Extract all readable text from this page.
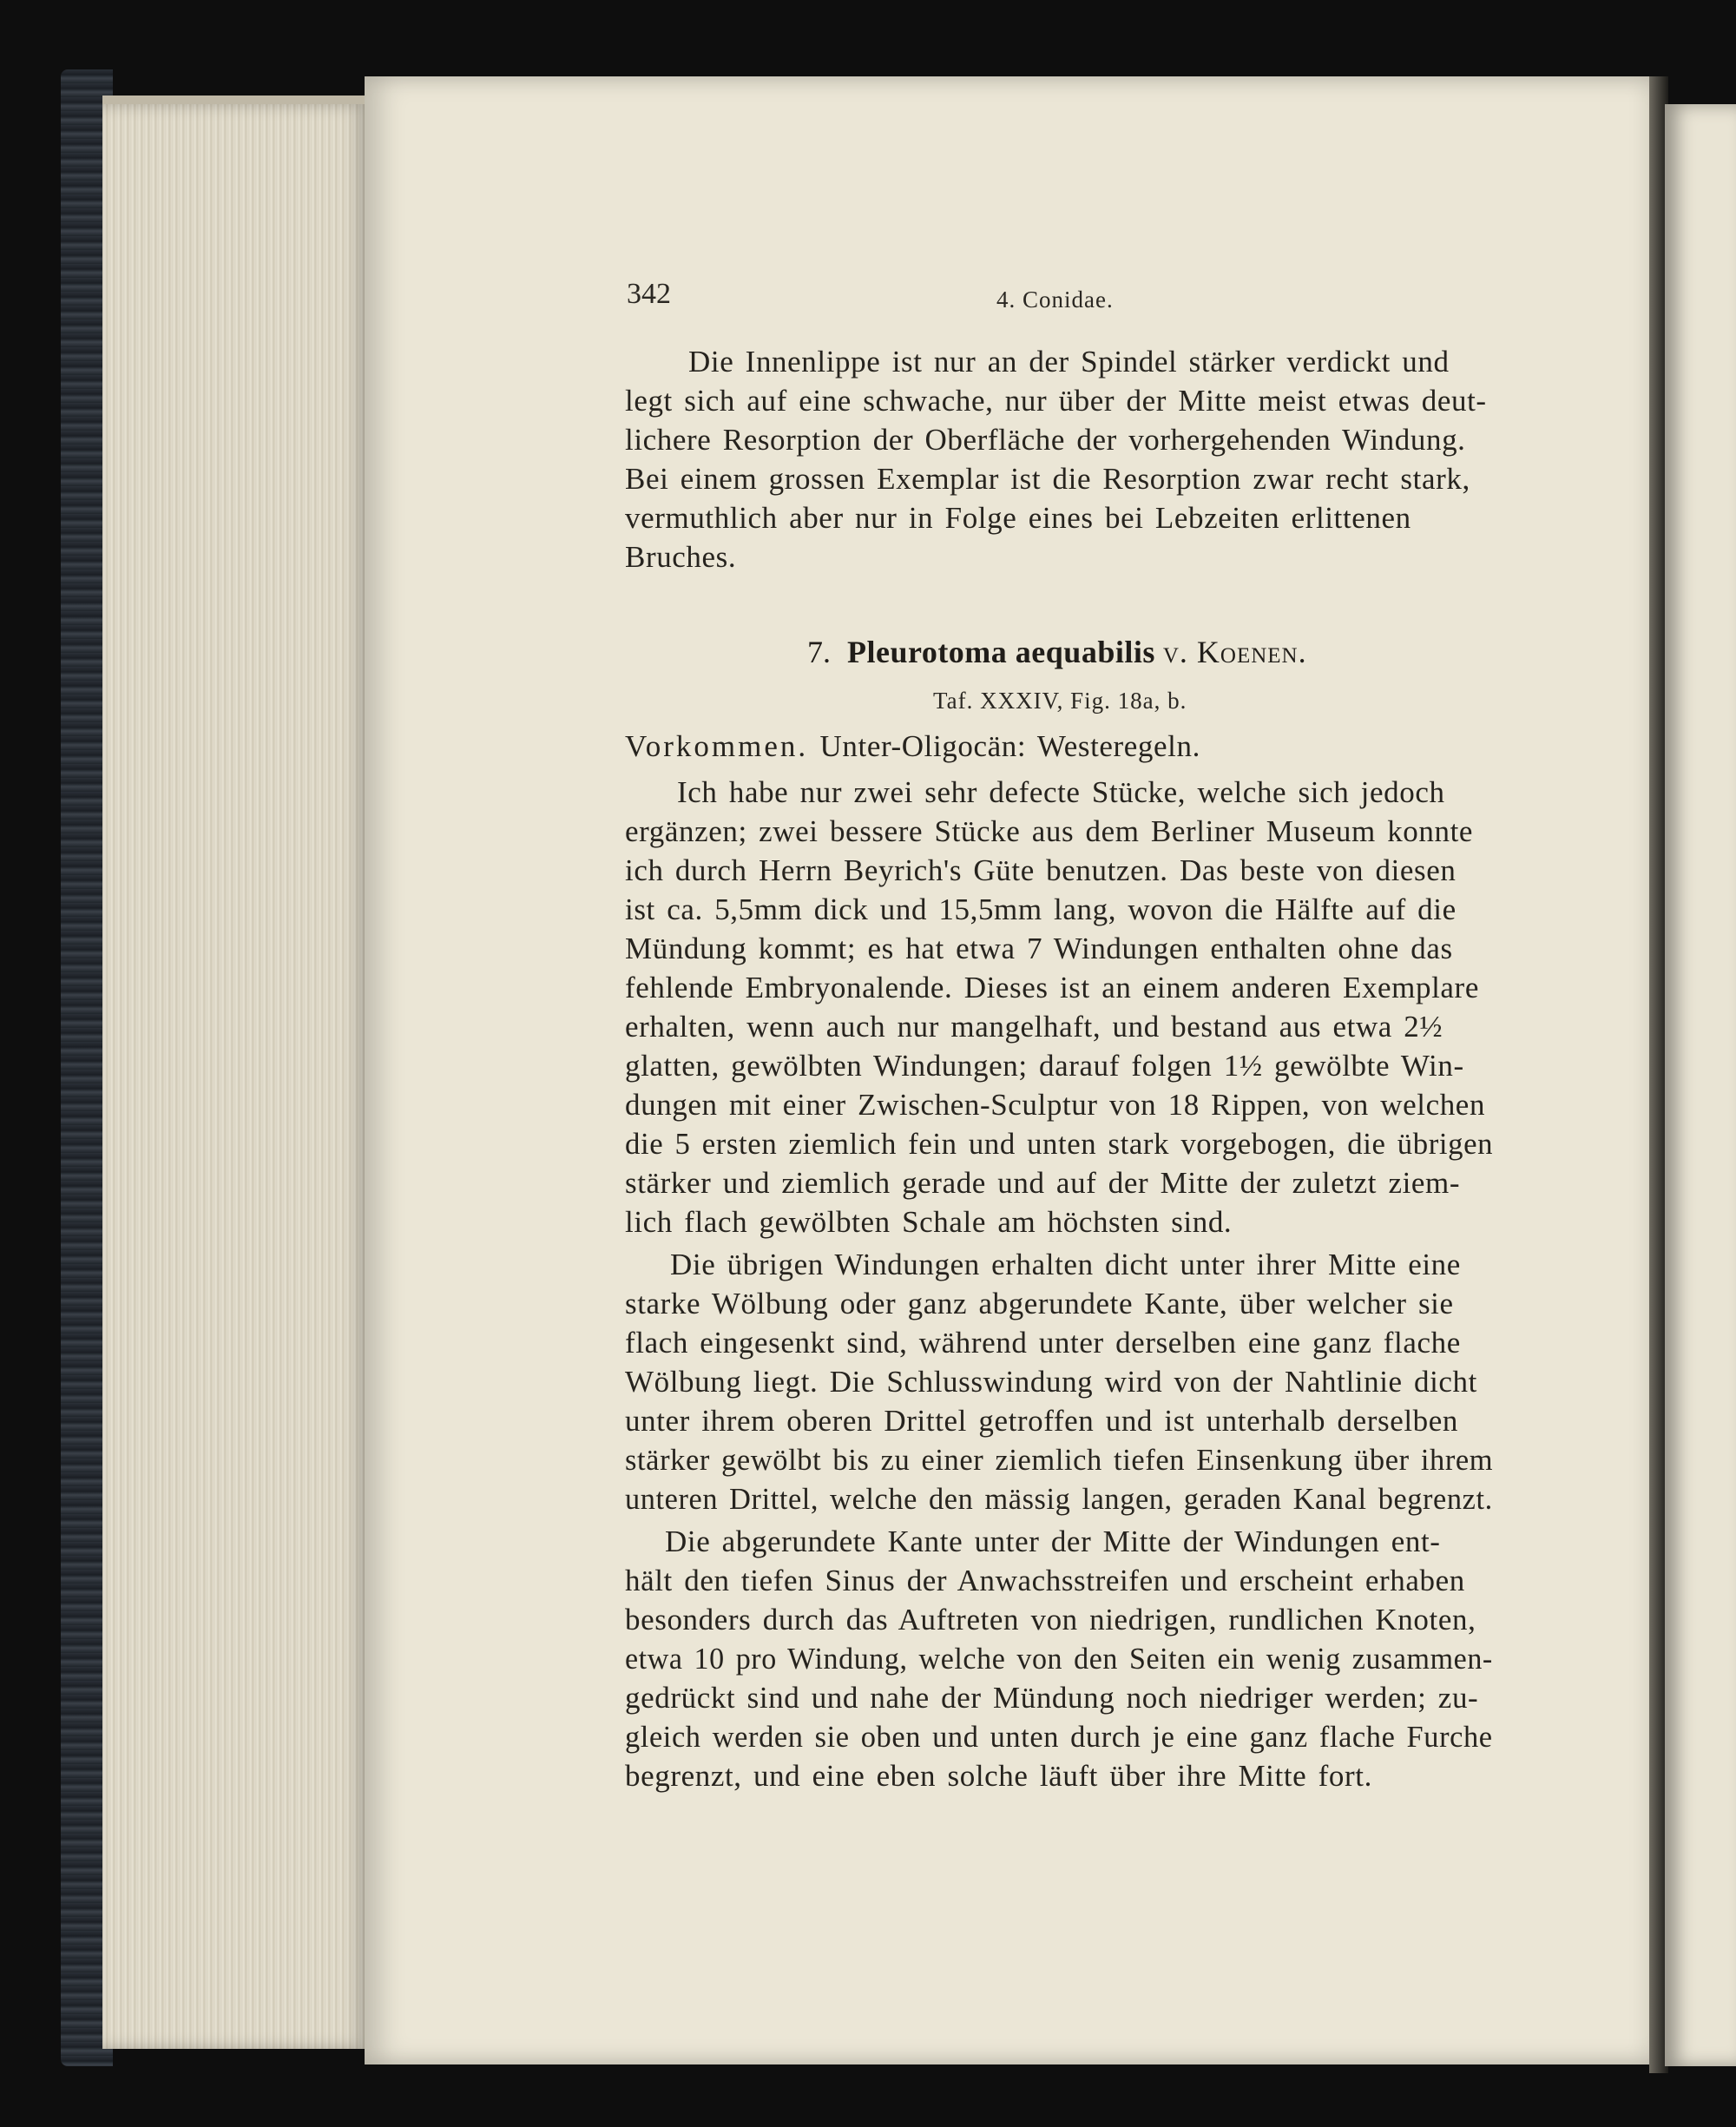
342	4. Conidae.
Die Innenlippe ist nur an der Spindel stärker verdickt und
legt sich auf eine schwache, nur über der Mitte meist etwas deut-
lichere Resorption der Oberfläche der vorhergehenden Windung.
Bei einem grossen Exemplar ist die Resorption zwar recht stark,
vermuthlich aber nur in Folge eines bei Lebzeiten erlittenen
Bruches.
7. Pleurotoma aequabilis v. Koenen.
Taf. XXXIV, Fig. 18a, b.
Vorkommen. Unter-Oligocän: Westeregeln.
Ich habe nur zwei sehr defecte Stücke, welche sich jedoch
ergänzen; zwei bessere Stücke aus dem Berliner Museum konnte
ich durch Herrn Beyrich's Güte benutzen. Das beste von diesen
ist ca. 5,5mm dick und 15,5mm lang, wovon die Hälfte auf die
Mündung kommt; es hat etwa 7 Windungen enthalten ohne das
fehlende Embryonalende. Dieses ist an einem anderen Exemplare
erhalten, wenn auch nur mangelhaft, und bestand aus etwa 2½
glatten, gewölbten Windungen; darauf folgen 1½ gewölbte Win-
dungen mit einer Zwischen-Sculptur von 18 Rippen, von welchen
die 5 ersten ziemlich fein und unten stark vorgebogen, die übrigen
stärker und ziemlich gerade und auf der Mitte der zuletzt ziem-
lich flach gewölbten Schale am höchsten sind.
Die übrigen Windungen erhalten dicht unter ihrer Mitte eine
starke Wölbung oder ganz abgerundete Kante, über welcher sie
flach eingesenkt sind, während unter derselben eine ganz flache
Wölbung liegt. Die Schlusswindung wird von der Nahtlinie dicht
unter ihrem oberen Drittel getroffen und ist unterhalb derselben
stärker gewölbt bis zu einer ziemlich tiefen Einsenkung über ihrem
unteren Drittel, welche den mässig langen, geraden Kanal begrenzt.
Die abgerundete Kante unter der Mitte der Windungen ent-
hält den tiefen Sinus der Anwachsstreifen und erscheint erhaben
besonders durch das Auftreten von niedrigen, rundlichen Knoten,
etwa 10 pro Windung, welche von den Seiten ein wenig zusammen-
gedrückt sind und nahe der Mündung noch niedriger werden; zu-
gleich werden sie oben und unten durch je eine ganz flache Furche
begrenzt, und eine eben solche läuft über ihre Mitte fort.
